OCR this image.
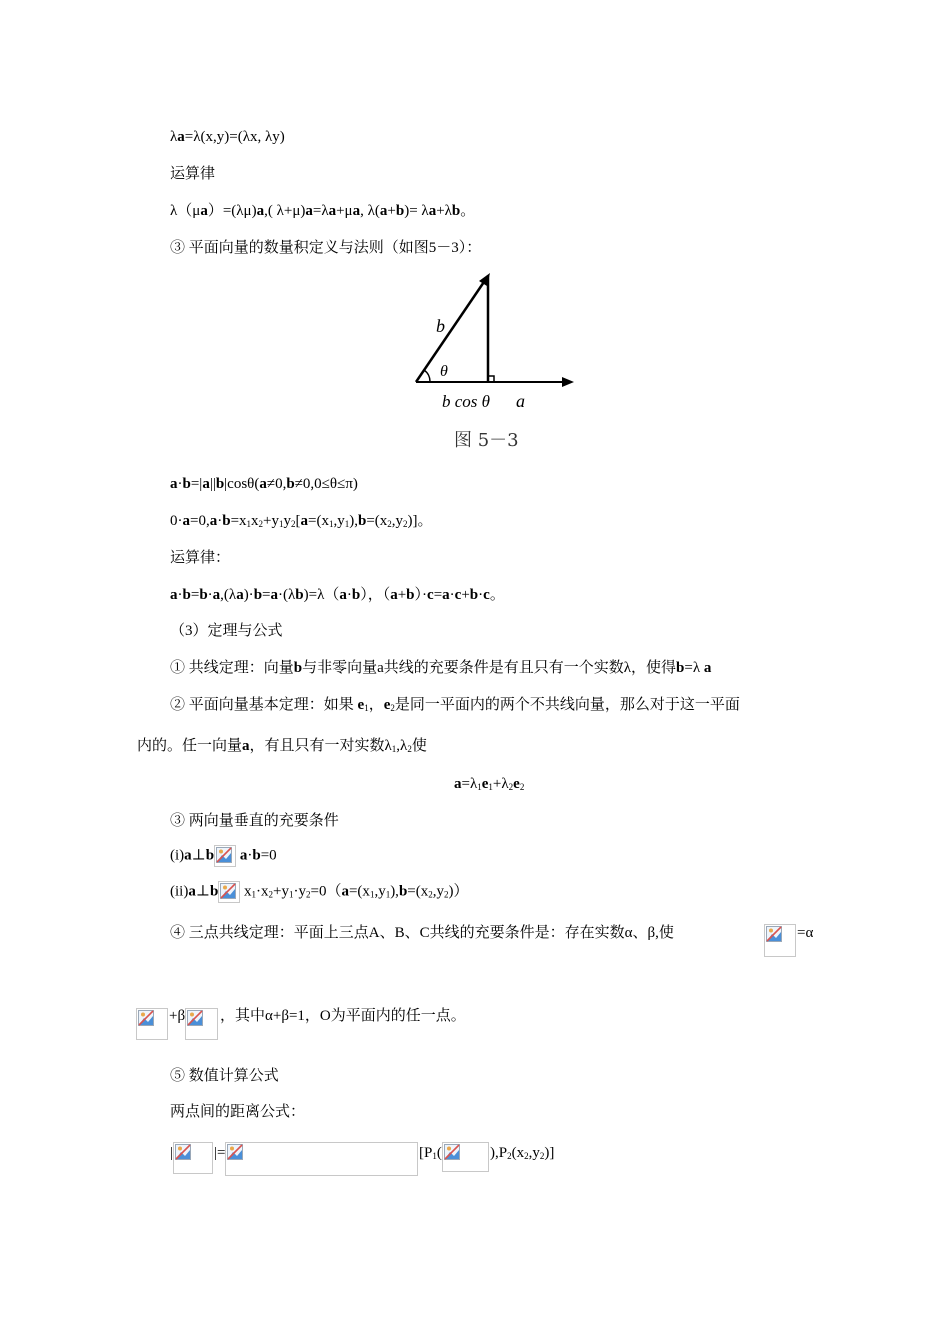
λa=λ(x,y)=(λx, λy)
运算律
λ（μa）=(λμ)a,( λ+μ)a=λa+μa, λ(a+b)= λa+λb。
③ 平面向量的数量积定义与法则（如图5－3）：
b
θ
b cos θ a
图 5－3
a·b=|a||b|cosθ(a≠0,b≠0,0≤θ≤π)
$0\cdot a=0,a\cdot b=x_1x_2+y_1y_2[a=(x_1,y_1),b=(x_2,y_2)]$。
运算律：
a·b=b·a,(λa)·b=a·(λb)=λ（a·b），（a+b）·c=a·c+b·c。
（3）定理与公式
① 共线定理：向量b与非零向量a共线的充要条件是有且只有一个实数λ，使得b=λ a
② 平面向量基本定理：如果 $e_1$，$e_2$是同一平面内的两个不共线向量，那么对于这一平面
内的。任一向量a，有且只有一对实数$\lambda_1,\lambda_2$使
$a=\lambda_1e_1+\lambda_2e_2$
③ 两向量垂直的充要条件
(i)a⊥b a·b=0
(ii)a⊥b
$x_1\cdot x_2+y_1\cdot y_2=0(a=(x_1,y_1),b=(x_2,y_2))$
④ 三点共线定理：平面上三点A、B、C共线的充要条件是：存在实数α、β,使	=α
+β ，其中α+β=1，O为平面内的任一点。
⑤ 数值计算公式
两点间的距离公式：
|	|=	[$P_1$(	)$,P_2(x_2,y_2)$]
